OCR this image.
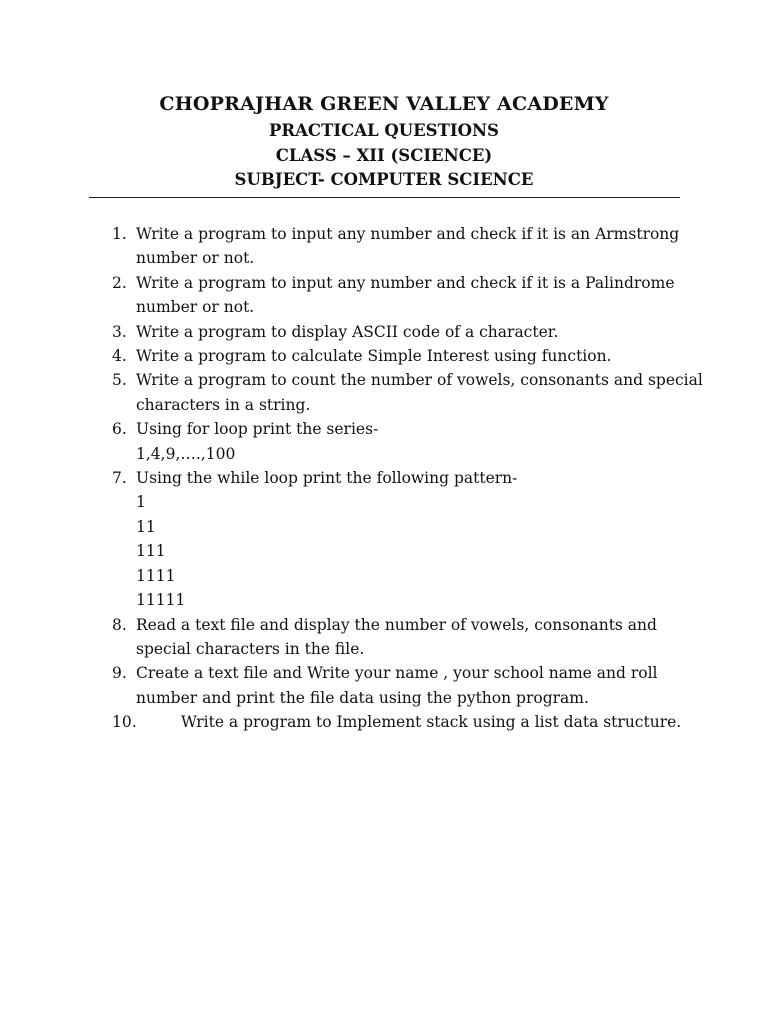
CHOPRAJHAR GREEN VALLEY ACADEMY
PRACTICAL QUESTIONS
CLASS – XII (SCIENCE)
SUBJECT- COMPUTER SCIENCE
1. Write a program to input any number and check if it is an Armstrong
number or not.
2. Write a program to input any number and check if it is a Palindrome
number or not.
3. Write a program to display ASCII code of a character.
4. Write a program to calculate Simple Interest using function.
5. Write a program to count the number of vowels, consonants and special
characters in a string.
6. Using for loop print the series-
1,4,9,….,100
7. Using the while loop print the following pattern-
1
11
111
1111
11111
8. Read a text file and display the number of vowels, consonants and
special characters in the file.
9. Create a text file and Write your name , your school name and roll
number and print the file data using the python program.
10.	Write a program to Implement stack using a list data structure.
